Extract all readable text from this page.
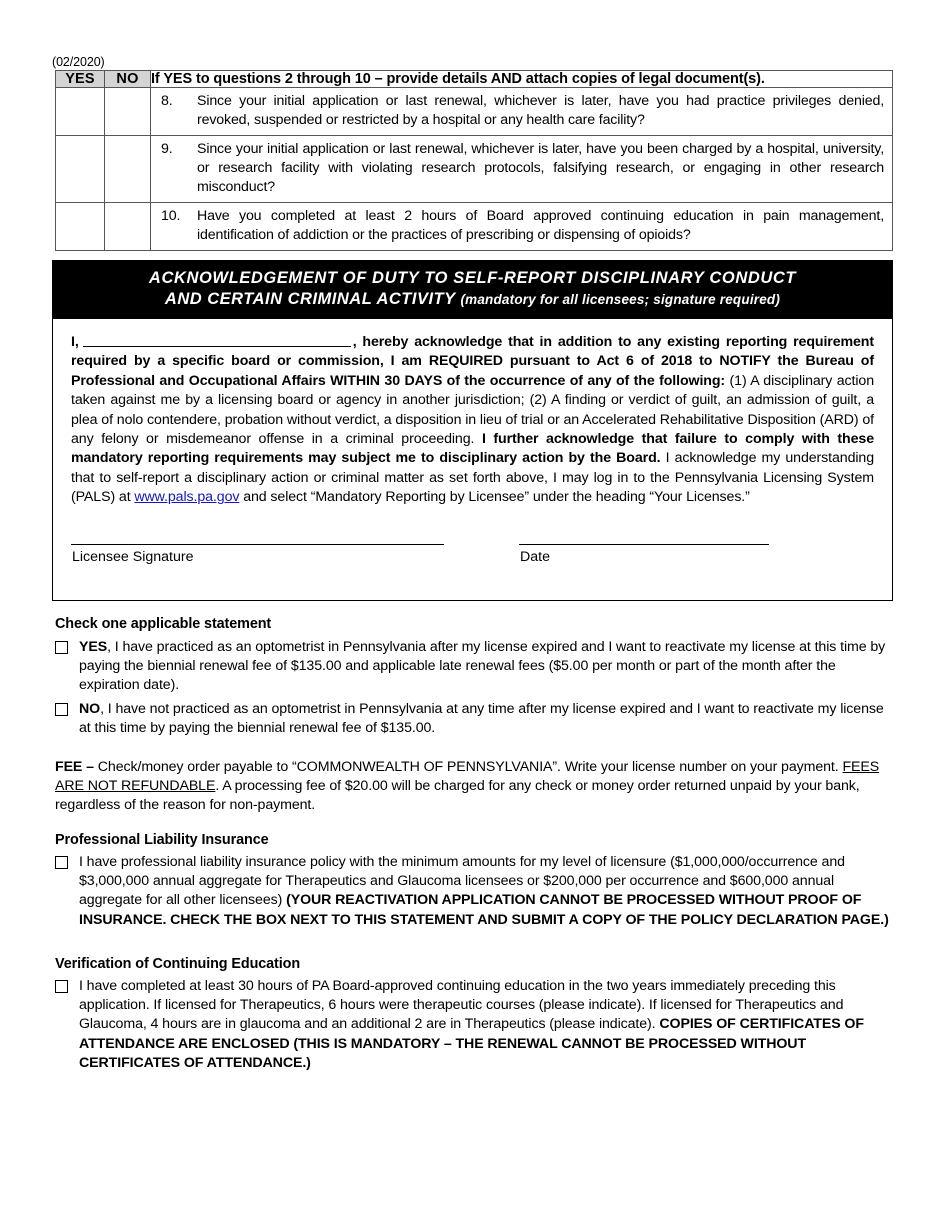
(02/2020)
YES	NO	If YES to questions 2 through 10 – provide details AND attach copies of legal document(s).

		8. Since your initial application or last renewal, whichever is later, have you had practice privileges denied, revoked, suspended or restricted by a hospital or any health care facility?

		9. Since your initial application or last renewal, whichever is later, have you been charged by a hospital, university, or research facility with violating research protocols, falsifying research, or engaging in other research misconduct?

		10. Have you completed at least 2 hours of Board approved continuing education in pain management, identification of addiction or the practices of prescribing or dispensing of opioids?
ACKNOWLEDGEMENT OF DUTY TO SELF-REPORT DISCIPLINARY CONDUCT
AND CERTAIN CRIMINAL ACTIVITY (mandatory for all licensees; signature required)
I,	, hereby acknowledge that in addition to any existing reporting requirement required by a specific board or commission, I am REQUIRED pursuant to Act 6 of 2018 to NOTIFY the Bureau of Professional and Occupational Affairs WITHIN 30 DAYS of the occurrence of any of the following: (1) A disciplinary action taken against me by a licensing board or agency in another jurisdiction; (2) A finding or verdict of guilt, an admission of guilt, a plea of nolo contendere, probation without verdict, a disposition in lieu of trial or an Accelerated Rehabilitative Disposition (ARD) of any felony or misdemeanor offense in a criminal proceeding. I further acknowledge that failure to comply with these mandatory reporting requirements may subject me to disciplinary action by the Board. I acknowledge my understanding that to self-report a disciplinary action or criminal matter as set forth above, I may log in to the Pennsylvania Licensing System (PALS) at www.pals.pa.gov and select “Mandatory Reporting by Licensee” under the heading “Your Licenses.”
Licensee Signature	Date
Check one applicable statement
YES, I have practiced as an optometrist in Pennsylvania after my license expired and I want to reactivate my license at this time by paying the biennial renewal fee of $135.00 and applicable late renewal fees ($5.00 per month or part of the month after the expiration date).
NO, I have not practiced as an optometrist in Pennsylvania at any time after my license expired and I want to reactivate my license at this time by paying the biennial renewal fee of $135.00.
FEE – Check/money order payable to “COMMONWEALTH OF PENNSYLVANIA”. Write your license number on your payment. FEES ARE NOT REFUNDABLE. A processing fee of $20.00 will be charged for any check or money order returned unpaid by your bank, regardless of the reason for non-payment.
Professional Liability Insurance
I have professional liability insurance policy with the minimum amounts for my level of licensure ($1,000,000/occurrence and $3,000,000 annual aggregate for Therapeutics and Glaucoma licensees or $200,000 per occurrence and $600,000 annual aggregate for all other licensees) (YOUR REACTIVATION APPLICATION CANNOT BE PROCESSED WITHOUT PROOF OF INSURANCE. CHECK THE BOX NEXT TO THIS STATEMENT AND SUBMIT A COPY OF THE POLICY DECLARATION PAGE.)
Verification of Continuing Education
I have completed at least 30 hours of PA Board-approved continuing education in the two years immediately preceding this application. If licensed for Therapeutics, 6 hours were therapeutic courses (please indicate). If licensed for Therapeutics and Glaucoma, 4 hours are in glaucoma and an additional 2 are in Therapeutics (please indicate). COPIES OF CERTIFICATES OF ATTENDANCE ARE ENCLOSED (THIS IS MANDATORY – THE RENEWAL CANNOT BE PROCESSED WITHOUT CERTIFICATES OF ATTENDANCE.)
